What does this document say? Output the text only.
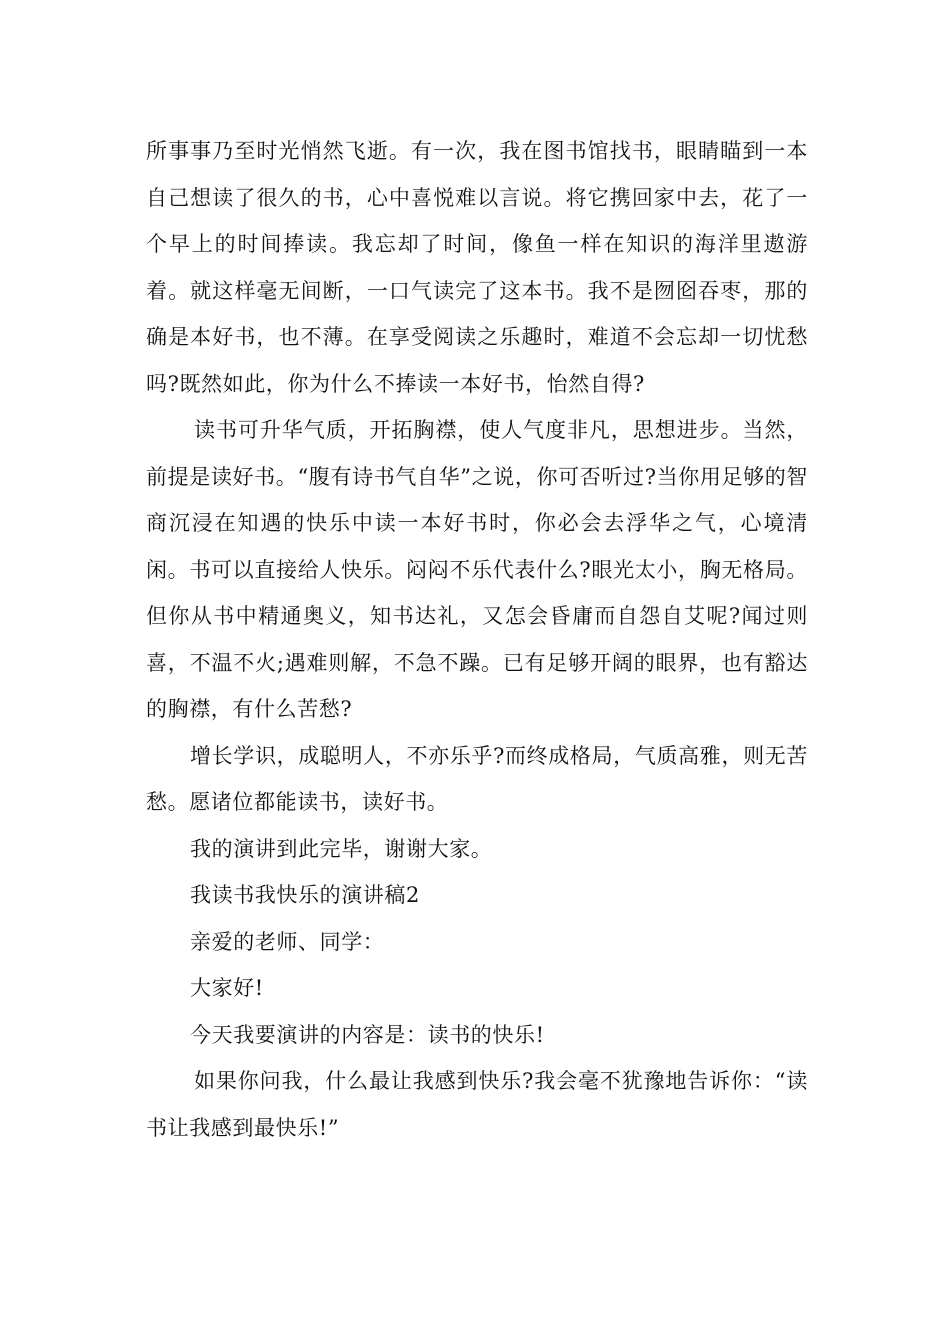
所事事乃至时光悄然飞逝。有一次，我在图书馆找书，眼睛瞄到一本自己想读了很久的书，心中喜悦难以言说。将它携回家中去，花了一个早上的时间捧读。我忘却了时间，像鱼一样在知识的海洋里遨游着。就这样毫无间断，一口气读完了这本书。我不是囫囵吞枣，那的确是本好书，也不薄。在享受阅读之乐趣时，难道不会忘却一切忧愁吗?既然如此，你为什么不捧读一本好书，怡然自得?

读书可升华气质，开拓胸襟，使人气度非凡，思想进步。当然，前提是读好书。“腹有诗书气自华”之说，你可否听过?当你用足够的智商沉浸在知遇的快乐中读一本好书时，你必会去浮华之气，心境清闲。书可以直接给人快乐。闷闷不乐代表什么?眼光太小，胸无格局。但你从书中精通奥义，知书达礼，又怎会昏庸而自怨自艾呢?闻过则喜，不温不火;遇难则解，不急不躁。已有足够开阔的眼界，也有豁达的胸襟，有什么苦愁?

增长学识，成聪明人，不亦乐乎?而终成格局，气质高雅，则无苦愁。愿诸位都能读书，读好书。

我的演讲到此完毕，谢谢大家。

我读书我快乐的演讲稿2

亲爱的老师、同学：

大家好!

今天我要演讲的内容是：读书的快乐!

如果你问我，什么最让我感到快乐?我会毫不犹豫地告诉你：“读书让我感到最快乐!”
